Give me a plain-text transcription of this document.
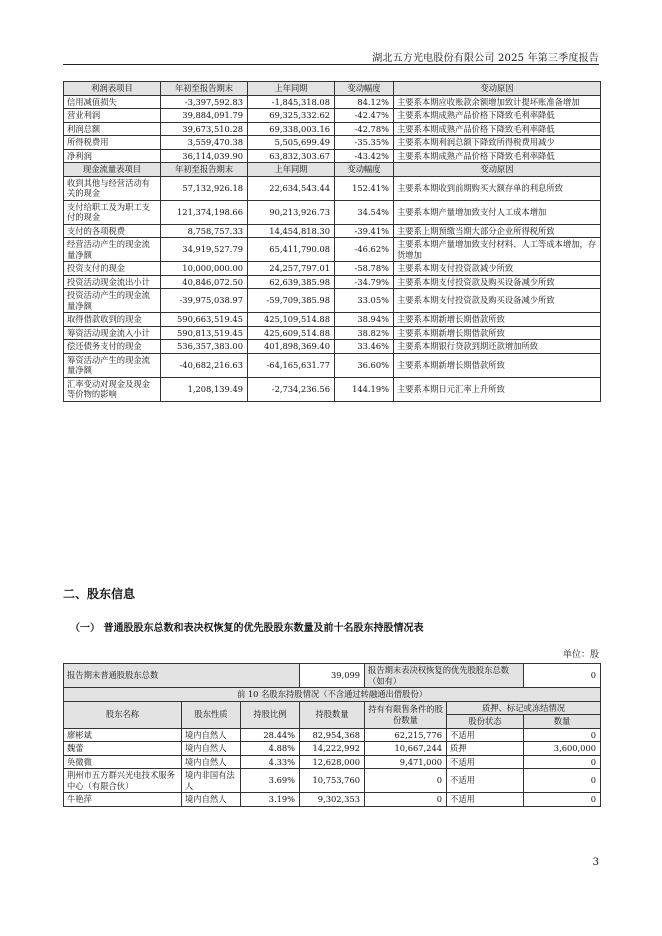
湖北五方光电股份有限公司 2025 年第三季度报告
利润表项目	年初至报告期末	上年同期	变动幅度	变动原因
信用减值损失	-3,397,592.83	-1,845,318.08	84.12%	主要系本期应收账款余额增加致计提坏账准备增加
营业利润	39,884,091.79	69,325,332.62	-42.47%	主要系本期成熟产品价格下降致毛利率降低
利润总额	39,673,510.28	69,338,003.16	-42.78%	主要系本期成熟产品价格下降致毛利率降低
所得税费用	3,559,470.38	5,505,699.49	-35.35%	主要系本期利润总额下降致所得税费用减少
净利润	36,114,039.90	63,832,303.67	-43.42%	主要系本期成熟产品价格下降致毛利率降低
现金流量表项目	年初至报告期末	上年同期	变动幅度	变动原因
收到其他与经营活动有关的现金	57,132,926.18	22,634,543.44	152.41%	主要系本期收到前期购买大额存单的利息所致
支付给职工及为职工支付的现金	121,374,198.66	90,213,926.73	34.54%	主要系本期产量增加致支付人工成本增加
支付的各项税费	8,758,757.33	14,454,818.30	-39.41%	主要系上期预缴当期大部分企业所得税所致
经营活动产生的现金流量净额	34,919,527.79	65,411,790.08	-46.62%	主要系本期产量增加致支付材料、人工等成本增加，存货增加
投资支付的现金	10,000,000.00	24,257,797.01	-58.78%	主要系本期支付投资款减少所致
投资活动现金流出小计	40,846,072.50	62,639,385.98	-34.79%	主要系本期支付投资款及购买设备减少所致
投资活动产生的现金流量净额	-39,975,038.97	-59,709,385.98	33.05%	主要系本期支付投资款及购买设备减少所致
取得借款收到的现金	590,663,519.45	425,109,514.88	38.94%	主要系本期新增长期借款所致
筹资活动现金流入小计	590,813,519.45	425,609,514.88	38.82%	主要系本期新增长期借款所致
偿还债务支付的现金	536,357,383.00	401,898,369.40	33.46%	主要系本期银行贷款到期还款增加所致
筹资活动产生的现金流量净额	-40,682,216.63	-64,165,631.77	36.60%	主要系本期新增长期借款所致
汇率变动对现金及现金等价物的影响	1,208,139.49	-2,734,236.56	144.19%	主要系本期日元汇率上升所致
二、股东信息
（一） 普通股股东总数和表决权恢复的优先股股东数量及前十名股东持股情况表
单位：股
报告期末普通股股东总数			39,099	报告期末表决权恢复的优先股股东总数（如有）		0
前 10 名股东持股情况（不含通过转融通出借股份）						
股东名称	股东性质	持股比例	持股数量	持有有限售条件的股份数量	质押、标记或冻结情况	
					股份状态	数量
廖彬斌	境内自然人	28.44%	82,954,368	62,215,776	不适用	0
魏蕾	境内自然人	4.88%	14,222,992	10,667,244	质押	3,600,000
奂微微	境内自然人	4.33%	12,628,000	9,471,000	不适用	0
荆州市五方群兴光电技术服务中心（有限合伙）	境内非国有法人	3.69%	10,753,760	0	不适用	0
牛艳萍	境内自然人	3.19%	9,302,353	0	不适用	0
3
